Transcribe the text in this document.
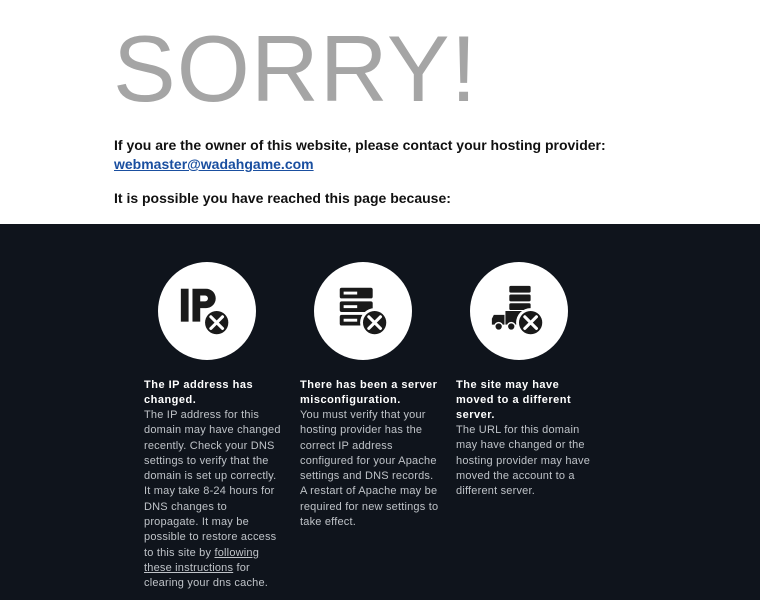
SORRY!
If you are the owner of this website, please contact your hosting provider:
webmaster@wadahgame.com
It is possible you have reached this page because:
The IP address has changed.

The IP address for this domain may have changed recently. Check your DNS settings to verify that the domain is set up correctly. It may take 8-24 hours for DNS changes to propagate. It may be possible to restore access to this site by following these instructions for clearing your dns cache.

There has been a server misconfiguration.

You must verify that your hosting provider has the correct IP address configured for your Apache settings and DNS records. A restart of Apache may be required for new settings to take effect.

The site may have moved to a different server.

The URL for this domain may have changed or the hosting provider may have moved the account to a different server.
